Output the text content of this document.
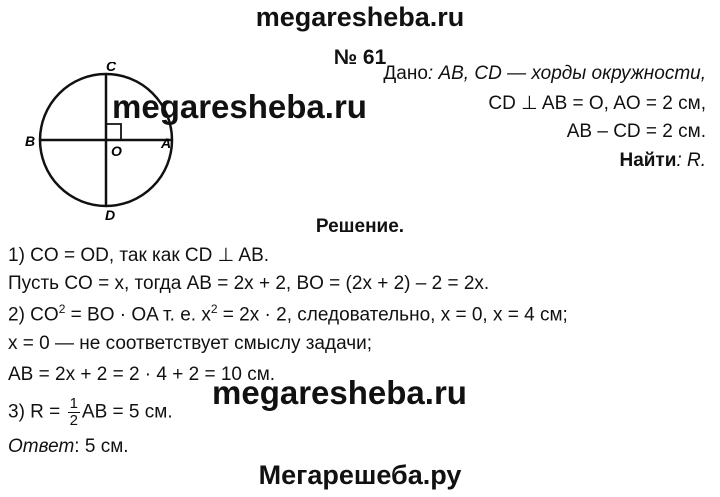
megaresheba.ru
№ 61
C
B	A
O
D
megaresheba.ru
Дано: AB, CD — хорды окружности,
CD ⊥ AB = O, AO = 2 см,
AB – CD = 2 см.
Найти: R.
Решение.
1) CO = OD, так как CD ⊥ AB.
Пусть CO = x, тогда AB = 2x + 2, BO = (2x + 2) – 2 = 2x.
2) $CO^2$ = BO · OA т. е. $x^2 = 2x \cdot 2$, следовательно, x = 0, x = 4 см;
x = 0 — не соответствует смыслу задачи;
AB = 2x + 2 = 2 · 4 + 2 = 10 см.
megaresheba.ru
3) $R = \frac{1}{2}$ AB = 5 см.
Ответ: 5 см.
Мегарешеба.ру
